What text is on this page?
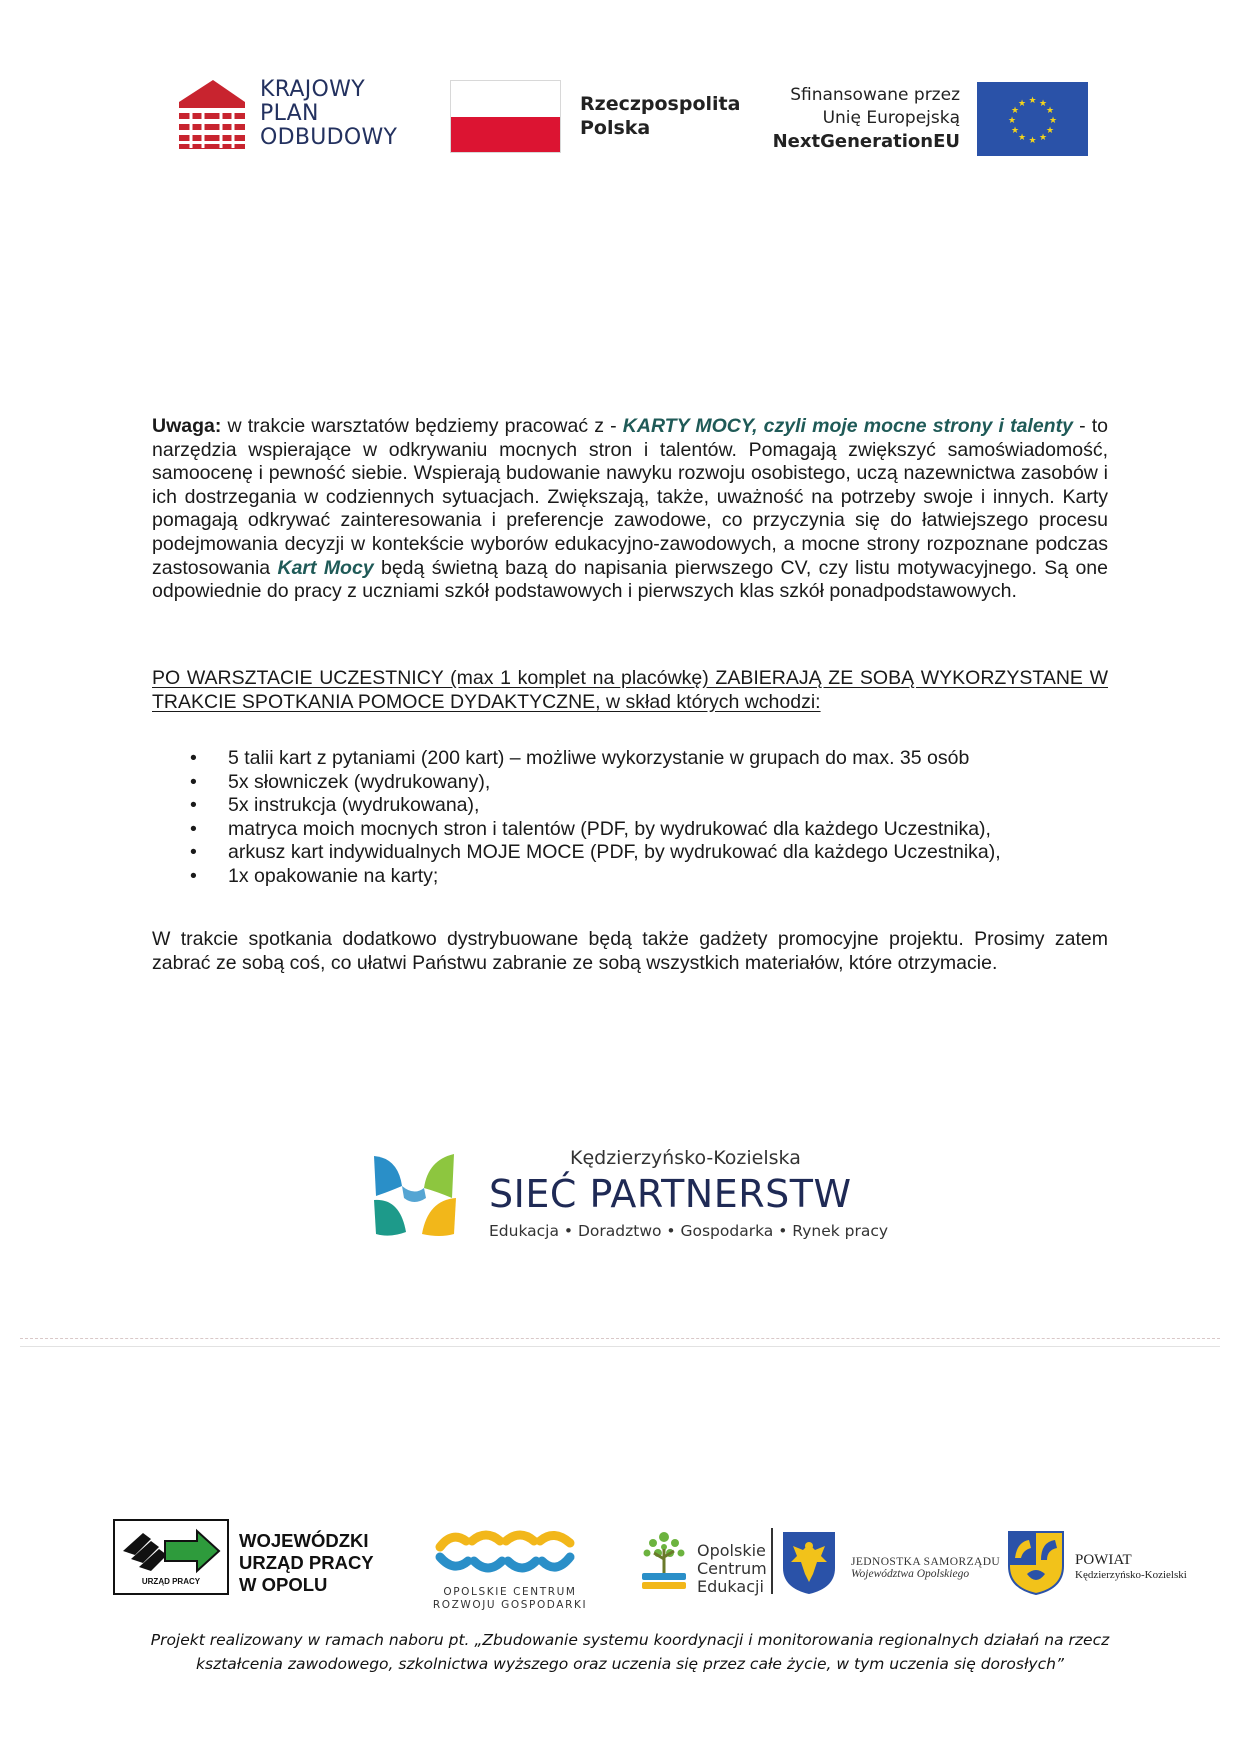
KRAJOWY
PLAN
ODBUDOWY
Rzeczpospolita
Polska
Sfinansowane przez
Unię Europejską
NextGenerationEU
★ ★
★
★
★
★
★
★
★
★
★
★

Uwaga: w trakcie warsztatów będziemy pracować z - KARTY MOCY, czyli moje mocne strony i talenty - to narzędzia wspierające w odkrywaniu mocnych stron i talentów. Pomagają zwiększyć samoświadomość, samoocenę i pewność siebie. Wspierają budowanie nawyku rozwoju osobistego, uczą nazewnictwa zasobów i ich dostrzegania w codziennych sytuacjach. Zwiększają, także, uważność na potrzeby swoje i innych. Karty pomagają odkrywać zainteresowania i preferencje zawodowe, co przyczynia się do łatwiejszego procesu podejmowania decyzji w kontekście wyborów edukacyjno-zawodowych, a mocne strony rozpoznane podczas zastosowania Kart Mocy będą świetną bazą do napisania pierwszego CV, czy listu motywacyjnego. Są one odpowiednie do pracy z uczniami szkół podstawowych i pierwszych klas szkół ponadpodstawowych.

PO WARSZTACIE UCZESTNICY (max 1 komplet na placówkę) ZABIERAJĄ ZE SOBĄ WYKORZYSTANE W TRAKCIE SPOTKANIA POMOCE DYDAKTYCZNE, w skład których wchodzi:

• 5 talii kart z pytaniami (200 kart) – możliwe wykorzystanie w grupach do max. 35 osób
• 5x słowniczek (wydrukowany),
• 5x instrukcja (wydrukowana),
• matryca moich mocnych stron i talentów (PDF, by wydrukować dla każdego Uczestnika),
• arkusz kart indywidualnych MOJE MOCE (PDF, by wydrukować dla każdego Uczestnika),
• 1x opakowanie na karty;

W trakcie spotkania dodatkowo dystrybuowane będą także gadżety promocyjne projektu. Prosimy zatem zabrać ze sobą coś, co ułatwi Państwu zabranie ze sobą wszystkich materiałów, które otrzymacie.

Kędzierzyńsko-Kozielska
SIEĆ PARTNERSTW
Edukacja • Doradztwo • Gospodarka • Rynek pracy
URZĄD PRACY
WOJEWÓDZKI
URZĄD PRACY
W OPOLU	OPOLSKIE CENTRUM
ROZWOJU GOSPODARKI
Opolskie
Centrum
Edukacji
JEDNOSTKA SAMORZĄDU
Województwa Opolskiego
POWIAT
Kędzierzyńsko-Kozielski

Projekt realizowany w ramach naboru pt. „Zbudowanie systemu koordynacji i monitorowania regionalnych działań na rzecz kształcenia zawodowego, szkolnictwa wyższego oraz uczenia się przez całe życie, w tym uczenia się dorosłych”
